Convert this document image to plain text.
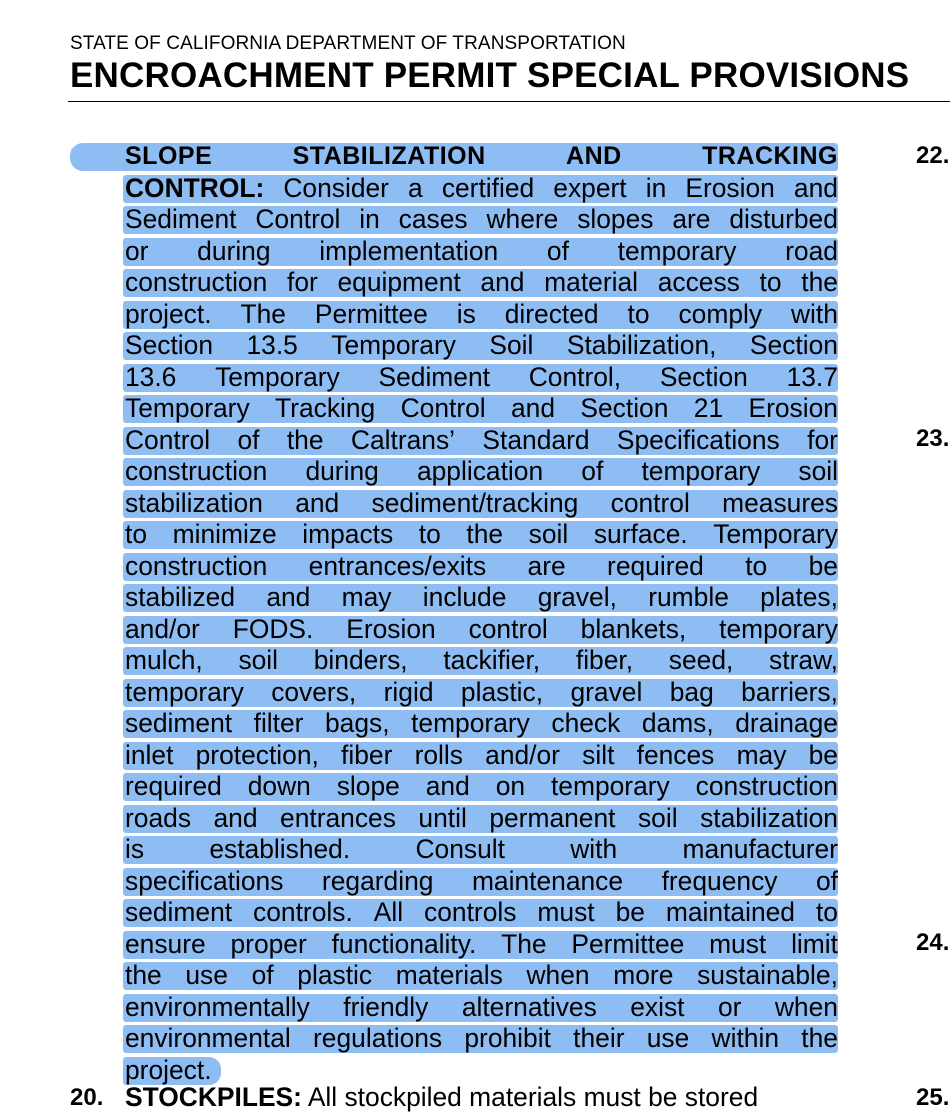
STATE OF CALIFORNIA DEPARTMENT OF TRANSPORTATION
ENCROACHMENT PERMIT SPECIAL PROVISIONS
SLOPE	STABILIZATION	AND	TRACKING
CONTROL: Consider a certified expert in Erosion and
Sediment Control in cases where slopes are disturbed
or during implementation of temporary road
construction for equipment and material access to the
project. The Permittee is directed to comply with
Section 13.5 Temporary Soil Stabilization, Section
13.6 Temporary Sediment Control, Section 13.7
Temporary Tracking Control and Section 21 Erosion
Control of the Caltrans’ Standard Specifications for
construction during application of temporary soil
stabilization and sediment/tracking control measures
to minimize impacts to the soil surface. Temporary
construction entrances/exits are required to be
stabilized and may include gravel, rumble plates,
and/or FODS. Erosion control blankets, temporary
mulch, soil binders, tackifier, fiber, seed, straw,
temporary covers, rigid plastic, gravel bag barriers,
sediment filter bags, temporary check dams, drainage
inlet protection, fiber rolls and/or silt fences may be
required down slope and on temporary construction
roads and entrances until permanent soil stabilization
is established. Consult with manufacturer
specifications regarding maintenance frequency of
sediment controls. All controls must be maintained to
ensure proper functionality. The Permittee must limit
the use of plastic materials when more sustainable,
environmentally friendly alternatives exist or when
environmental regulations prohibit their use within the
project.
20. STOCKPILES: All stockpiled materials must be stored
22.
23.
24.
25.
